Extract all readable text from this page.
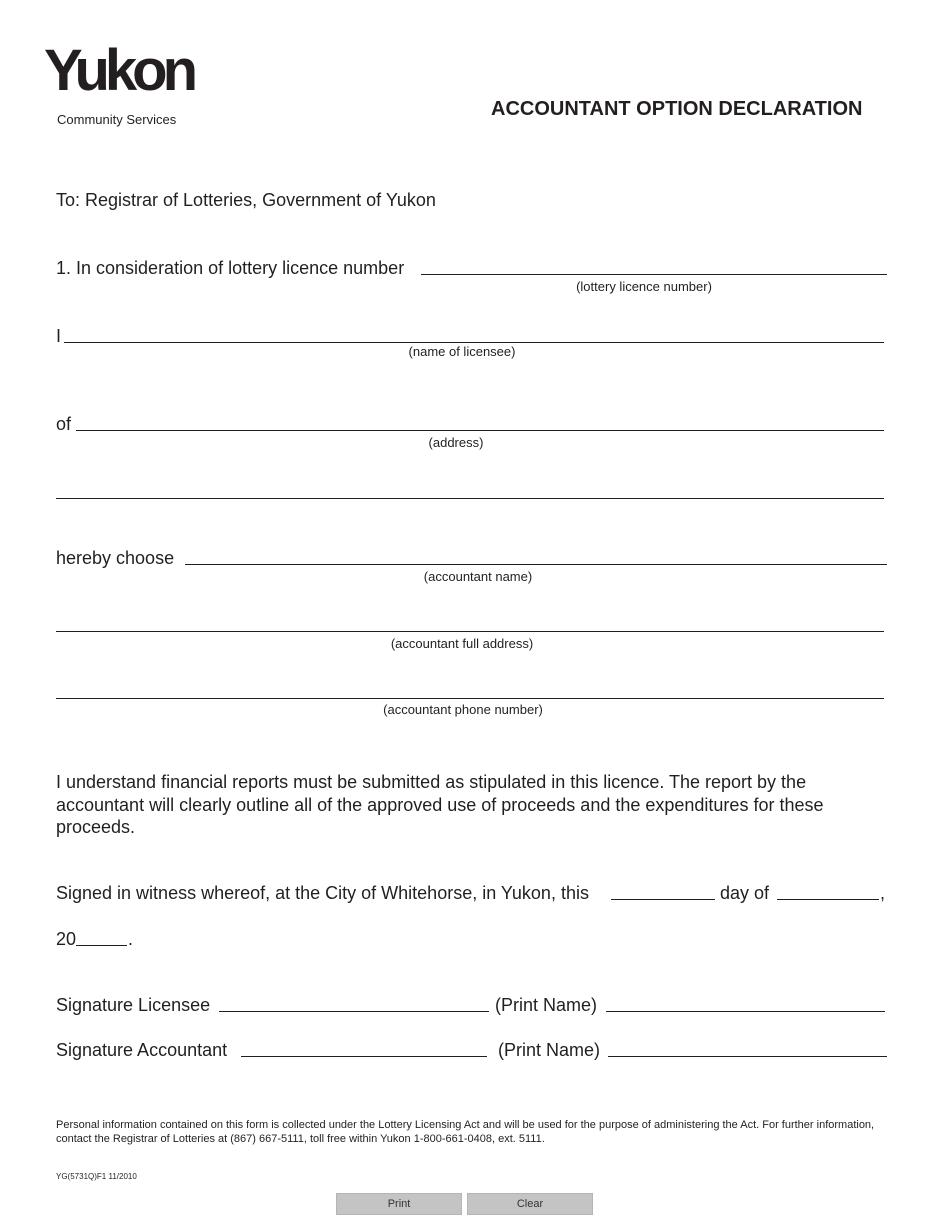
Yukon
Community Services	ACCOUNTANT OPTION DECLARATION
To: Registrar of Lotteries, Government of Yukon
1. In consideration of lottery licence number
(lottery licence number)
I
(name of licensee)
of
(address)
hereby choose
(accountant name)
(accountant full address)
(accountant phone number)
I understand financial reports must be submitted as stipulated in this licence. The report by the accountant will clearly outline all of the approved use of proceeds and the expenditures for these proceeds.
Signed in witness whereof, at the City of Whitehorse, in Yukon, this	day of	,
20	.
Signature Licensee	(Print Name)
Signature Accountant	(Print Name)
Personal information contained on this form is collected under the Lottery Licensing Act and will be used for the purpose of administering the Act. For further information, contact the Registrar of Lotteries at (867) 667-5111, toll free within Yukon 1-800-661-0408, ext. 5111.
YG(5731Q)F1 11/2010
Print	Clear
